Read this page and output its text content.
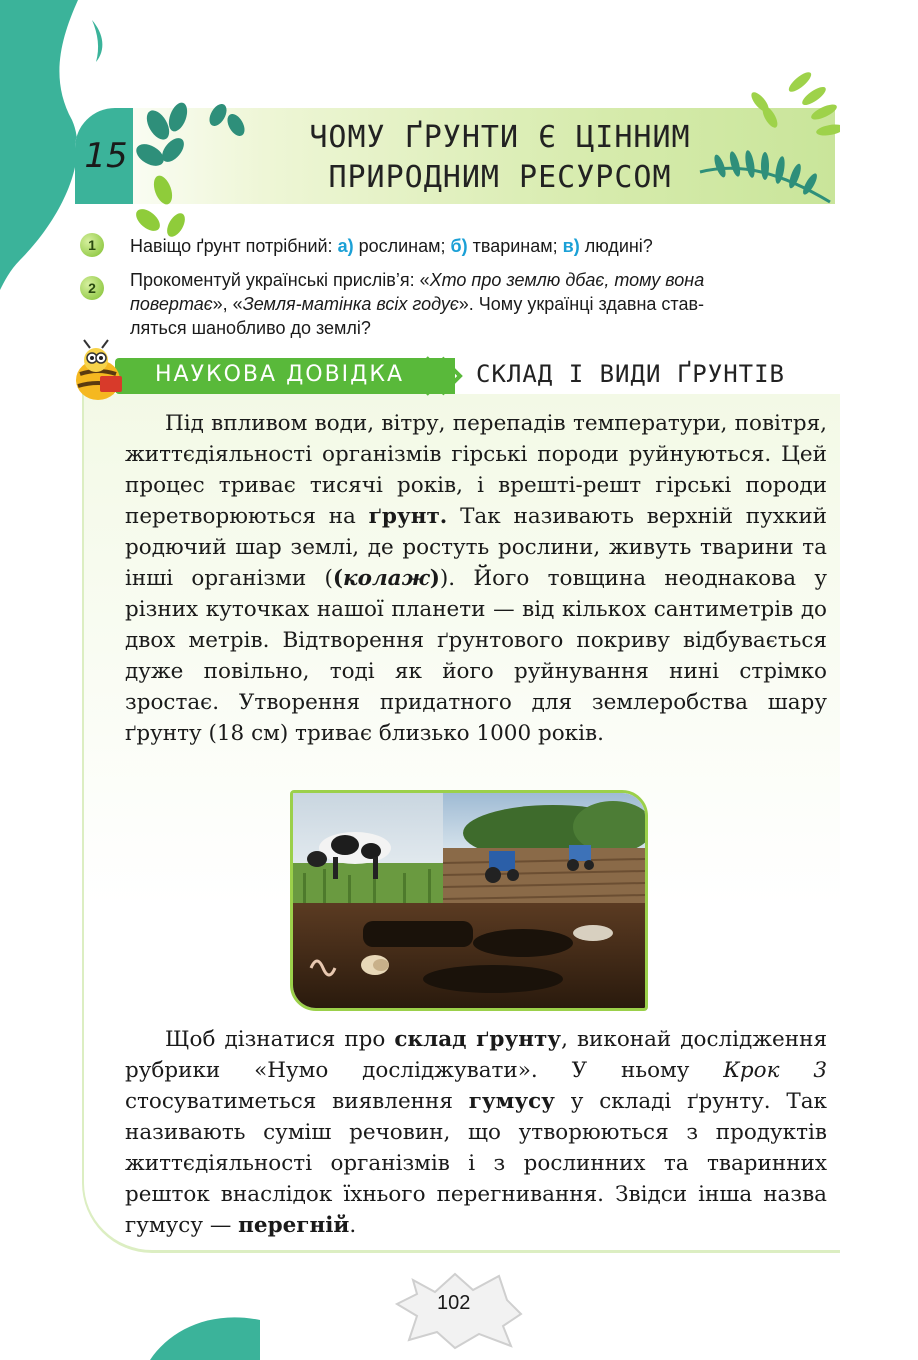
15	ЧОМУ ҐРУНТИ Є ЦІННИМ
ПРИРОДНИМ РЕСУРСОМ
1	Навіщо ґрунт потрібний: а) рослинам; б) тваринам; в) людині?
2	Прокоментуй українські прислів’я: «Хто про землю дбає, тому вона
повертає», «Земля-матінка всіх годує». Чому українці здавна став-
ляться шанобливо до землі?
НАУКОВА ДОВІДКА	СКЛАД І ВИДИ ҐРУНТІВ

Під впливом води, вітру, перепадів температури, повітря, життєдіяльності організмів гірські породи руйнуються. Цей процес триває тисячі років, і врешті-решт гірські породи перетворюються на ґрунт. Так називають верхній пухкий родючий шар землі, де ростуть рослини, живуть тварини та інші організми ((колаж)). Його товщина неоднакова у різних куточках нашої планети — від кількох сантиметрів до двох метрів. Відтворення ґрунтового покриву відбувається дуже повільно, тоді як його руйнування нині стрімко зростає. Утворення придатного для землеробства шару ґрунту (18 см) триває близько 1000 років.

Щоб дізнатися про склад ґрунту, виконай дослідження рубрики «Нумо досліджувати». У ньому Крок 3 стосуватиметься виявлення гумусу у складі ґрунту. Так називають суміш речовин, що утворюються з продуктів життєдіяльності організмів і з рослинних та тваринних решток внаслідок їхнього перегнивання. Звідси інша назва гумусу — перегній.

102
